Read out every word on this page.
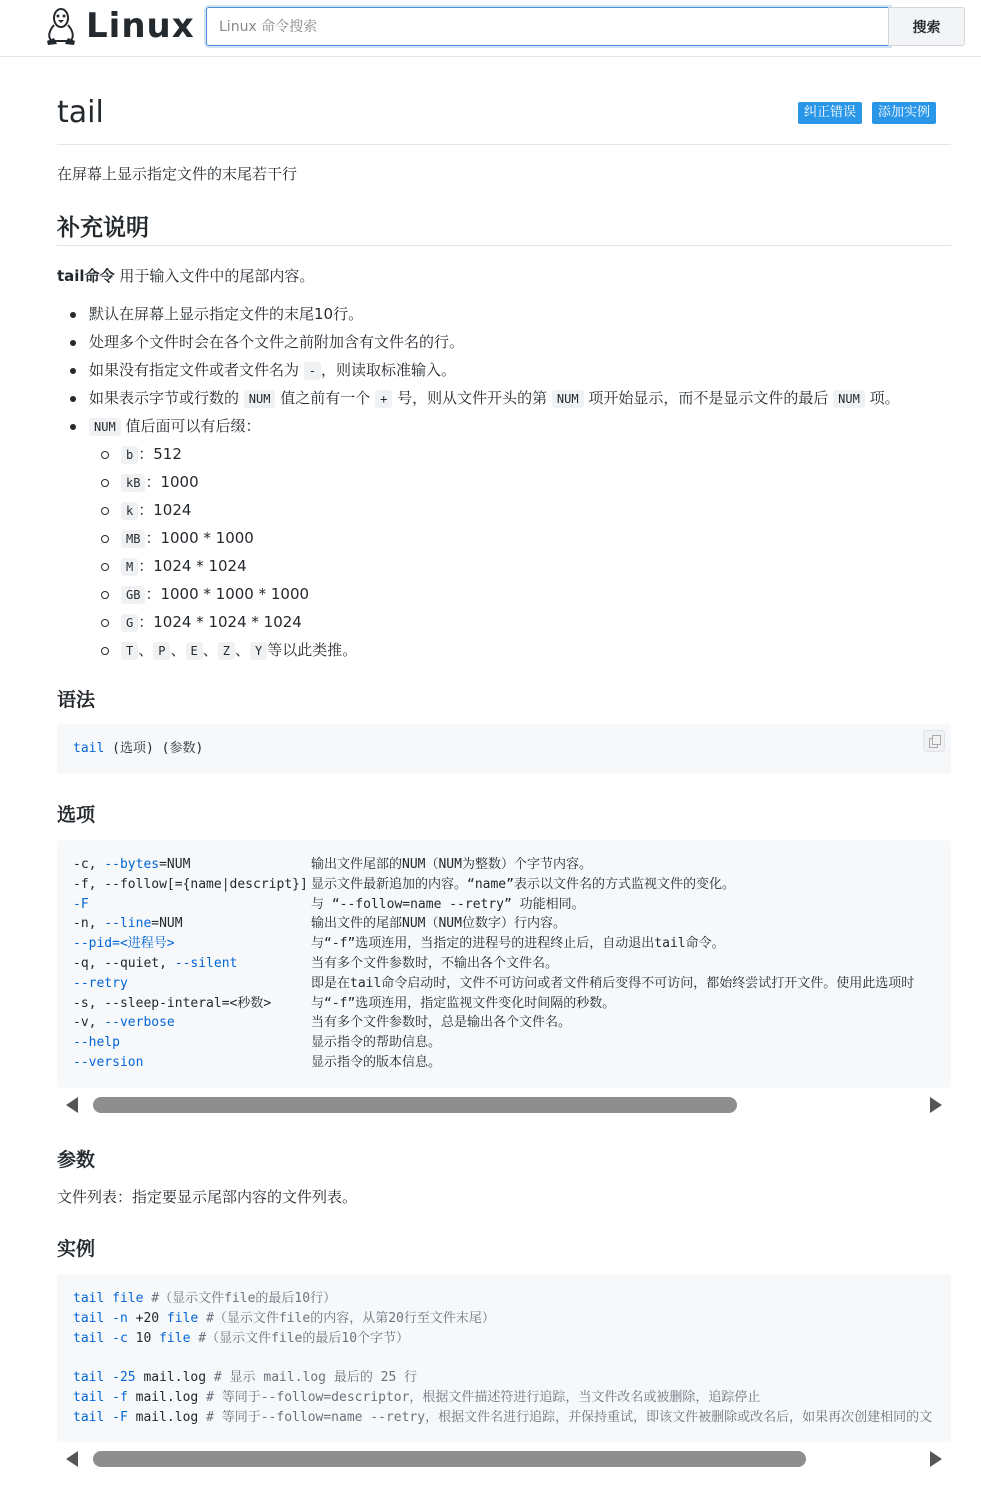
Linux
Linux 命令搜索	搜索
tail	纠正错误	添加实例
在屏幕上显示指定文件的末尾若干行
补充说明
tail命令 用于输入文件中的尾部内容。
默认在屏幕上显示指定文件的末尾10行。
处理多个文件时会在各个文件之前附加含有文件名的行。
如果没有指定文件或者文件名为 - ，则读取标准输入。
如果表示字节或行数的 NUM 值之前有一个 + 号，则从文件开头的第 NUM 项开始显示，而不是显示文件的最后 NUM 项。
NUM 值后面可以有后缀：
b ：512
kB ：1000
k ：1024
MB ：1000 * 1000
M ：1024 * 1024
GB ：1000 * 1000 * 1000
G ：1024 * 1024 * 1024
T 、 P 、 E 、 Z 、 Y 等以此类推。
语法
tail (选项) (参数)
选项
-c, --bytes=NUM	输出文件尾部的NUM（NUM为整数）个字节内容。
-f, --follow[={name|descript}] 显示文件最新追加的内容。“name”表示以文件名的方式监视文件的变化。
-F	与 “--follow=name --retry” 功能相同。
-n, --line=NUM	输出文件的尾部NUM（NUM位数字）行内容。
--pid=<进程号>	与“-f”选项连用，当指定的进程号的进程终止后，自动退出tail命令。
-q, --quiet, --silent	当有多个文件参数时，不输出各个文件名。
--retry	即是在tail命令启动时，文件不可访问或者文件稍后变得不可访问，都始终尝试打开文件。使用此选项时
-s, --sleep-interal=<秒数>	与“-f”选项连用，指定监视文件变化时间隔的秒数。
-v, --verbose	当有多个文件参数时，总是输出各个文件名。
--help	显示指令的帮助信息。
--version	显示指令的版本信息。
参数
文件列表：指定要显示尾部内容的文件列表。
实例
tail file #（显示文件file的最后10行）
tail -n +20 file #（显示文件file的内容，从第20行至文件末尾）
tail -c 10 file #（显示文件file的最后10个字节）

tail -25 mail.log # 显示 mail.log 最后的 25 行
tail -f mail.log # 等同于--follow=descriptor，根据文件描述符进行追踪，当文件改名或被删除，追踪停止
tail -F mail.log # 等同于--follow=name --retry，根据文件名进行追踪，并保持重试，即该文件被删除或改名后，如果再次创建相同的文
